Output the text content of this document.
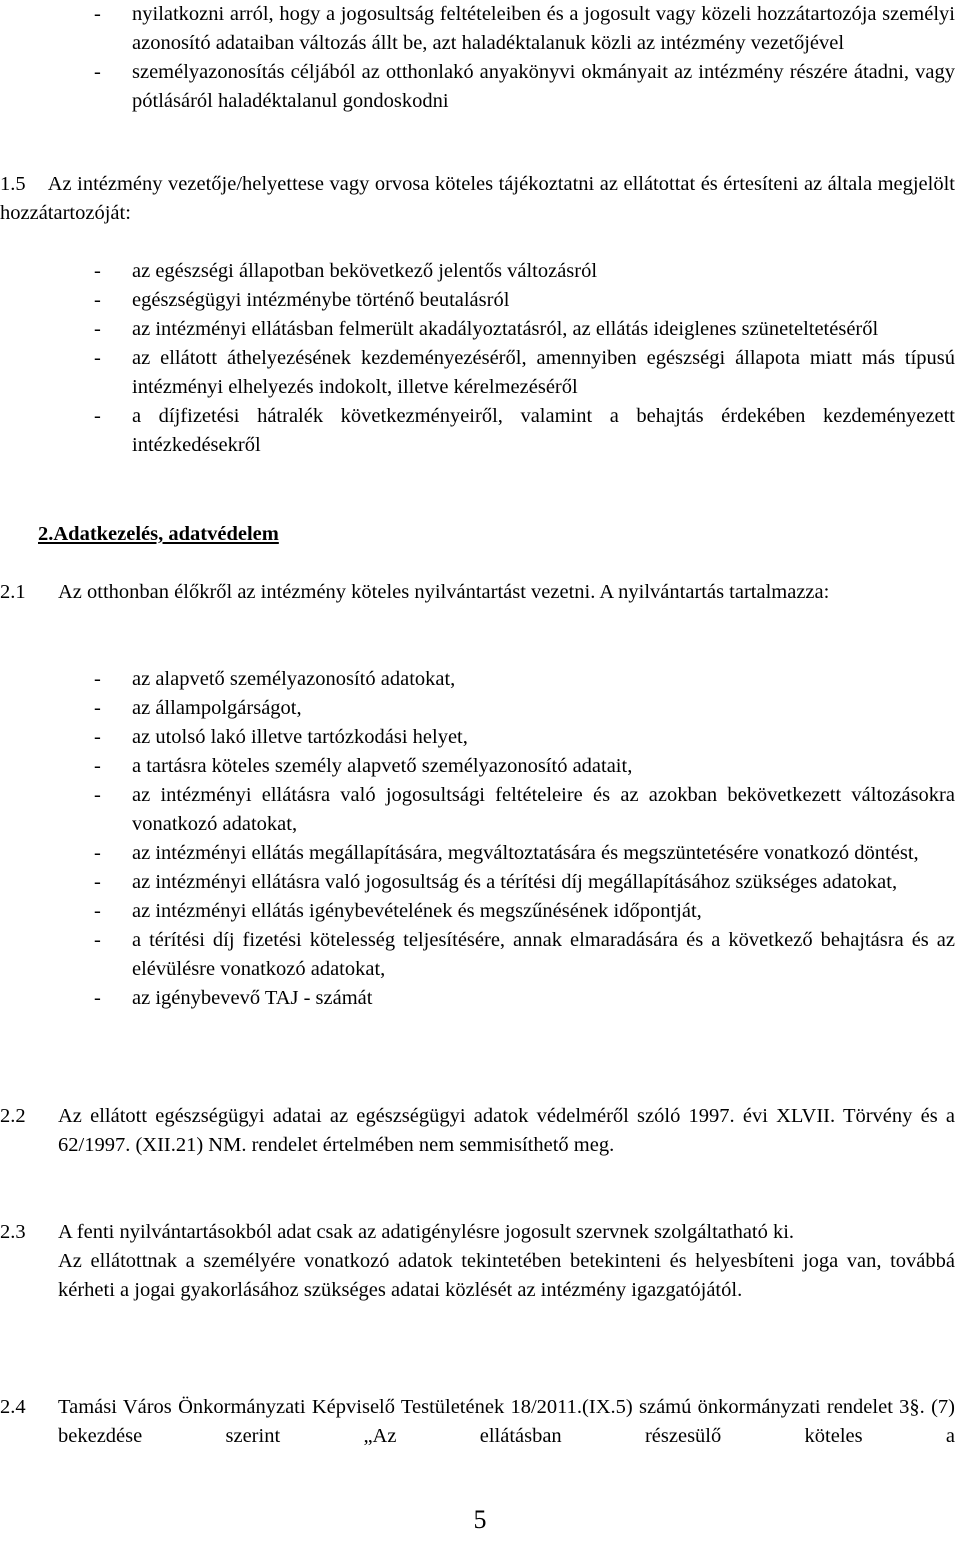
-	nyilatkozni arról, hogy a jogosultság feltételeiben és a jogosult vagy közeli hozzátartozója személyi azonosító adataiban változás állt be, azt haladéktalanuk közli az intézmény vezetőjével
-	személyazonosítás céljából az otthonlakó anyakönyvi okmányait az intézmény részére átadni, vagy pótlásáról haladéktalanul gondoskodni
1.5 Az intézmény vezetője/helyettese vagy orvosa köteles tájékoztatni az ellátottat és értesíteni az általa megjelölt hozzátartozóját:
-	az egészségi állapotban bekövetkező jelentős változásról
-	egészségügyi intézménybe történő beutalásról
-	az intézményi ellátásban felmerült akadályoztatásról, az ellátás ideiglenes szüneteltetéséről
-	az ellátott áthelyezésének kezdeményezéséről, amennyiben egészségi állapota miatt más típusú intézményi elhelyezés indokolt, illetve kérelmezéséről
-	a díjfizetési hátralék következményeiről, valamint a behajtás érdekében kezdeményezett intézkedésekről
2.Adatkezelés, adatvédelem
2.1	Az otthonban élőkről az intézmény köteles nyilvántartást vezetni. A nyilvántartás tartalmazza:
-	az alapvető személyazonosító adatokat,
-	az állampolgárságot,
-	az utolsó lakó illetve tartózkodási helyet,
-	a tartásra köteles személy alapvető személyazonosító adatait,
-	az intézményi ellátásra való jogosultsági feltételeire és az azokban bekövetkezett változásokra vonatkozó adatokat,
-	az intézményi ellátás megállapítására, megváltoztatására és megszüntetésére vonatkozó döntést,
-	az intézményi ellátásra való jogosultság és a térítési díj megállapításához szükséges adatokat,
-	az intézményi ellátás igénybevételének és megszűnésének időpontját,
-	a térítési díj fizetési kötelesség teljesítésére, annak elmaradására és a következő behajtásra és az elévülésre vonatkozó adatokat,
-	az igénybevevő TAJ - számát
2.2	Az ellátott egészségügyi adatai az egészségügyi adatok védelméről szóló 1997. évi XLVII. Törvény és a 62/1997. (XII.21) NM. rendelet értelmében nem semmisíthető meg.
2.3	A fenti nyilvántartásokból adat csak az adatigénylésre jogosult szervnek szolgáltatható ki.
Az ellátottnak a személyére vonatkozó adatok tekintetében betekinteni és helyesbíteni joga van, továbbá kérheti a jogai gyakorlásához szükséges adatai közlését az intézmény igazgatójától.
2.4	Tamási Város Önkormányzati Képviselő Testületének 18/2011.(IX.5) számú önkormányzati rendelet 3§. (7) bekezdése szerint „Az ellátásban részesülő köteles a
5
